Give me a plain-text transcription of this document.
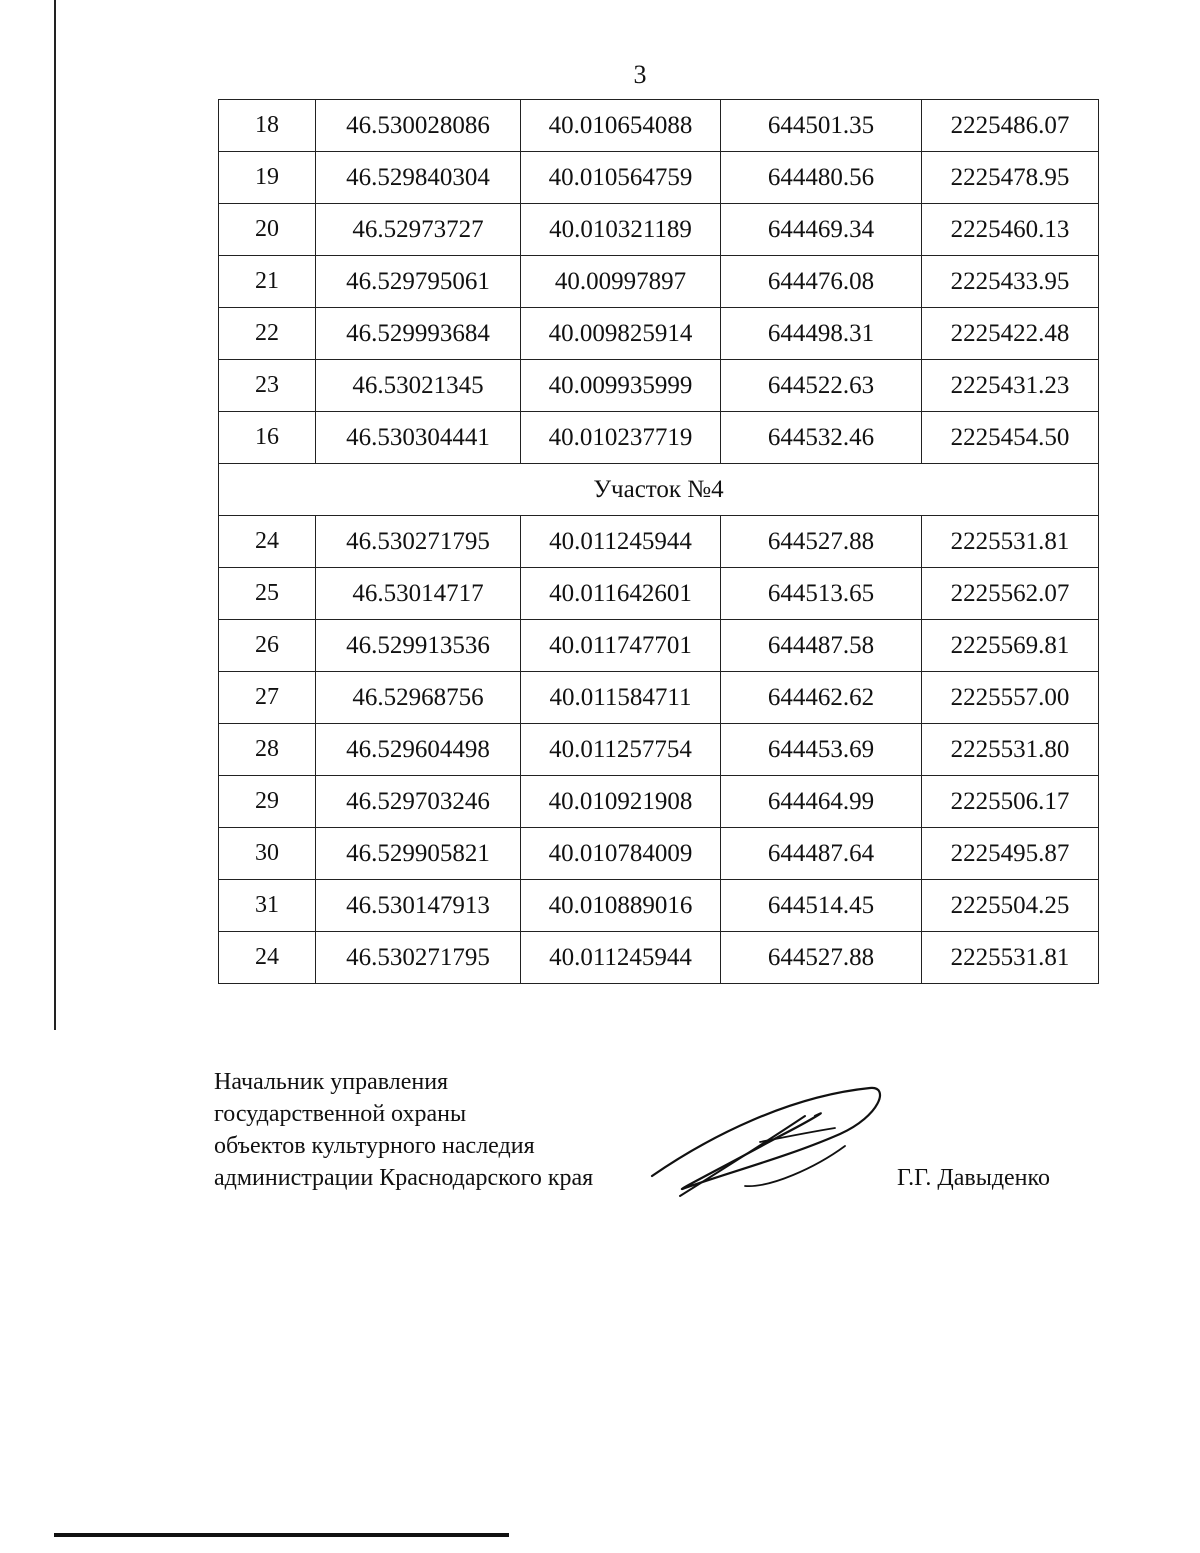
3
18	46.530028086	40.010654088	644501.35	2225486.07
19	46.529840304	40.010564759	644480.56	2225478.95
20	46.52973727	40.010321189	644469.34	2225460.13
21	46.529795061	40.00997897	644476.08	2225433.95
22	46.529993684	40.009825914	644498.31	2225422.48
23	46.53021345	40.009935999	644522.63	2225431.23
16	46.530304441	40.010237719	644532.46	2225454.50
Участок №4				
24	46.530271795	40.011245944	644527.88	2225531.81
25	46.53014717	40.011642601	644513.65	2225562.07
26	46.529913536	40.011747701	644487.58	2225569.81
27	46.52968756	40.011584711	644462.62	2225557.00
28	46.529604498	40.011257754	644453.69	2225531.80
29	46.529703246	40.010921908	644464.99	2225506.17
30	46.529905821	40.010784009	644487.64	2225495.87
31	46.530147913	40.010889016	644514.45	2225504.25
24	46.530271795	40.011245944	644527.88	2225531.81
Начальник управления
государственной охраны
объектов культурного наследия
администрации Краснодарского края	Г.Г. Давыденко
